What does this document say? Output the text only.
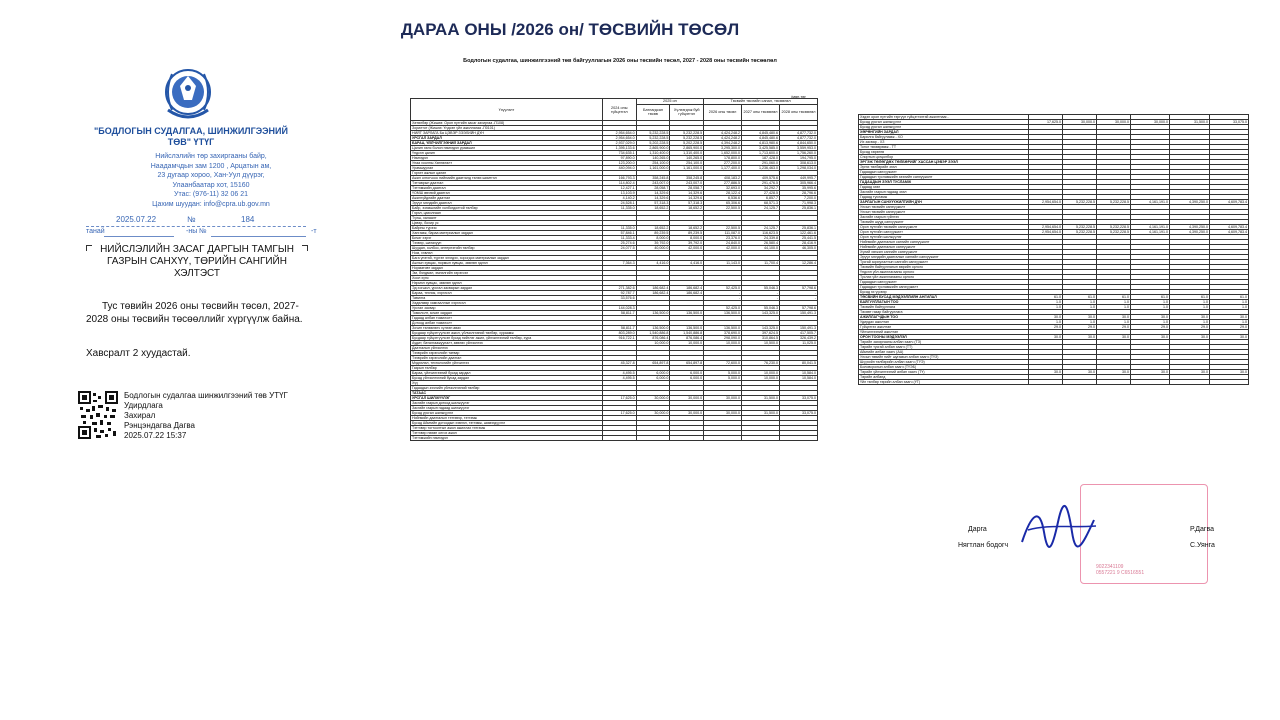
ДАРАА ОНЫ /2026 он/ ТӨСВИЙН ТӨСӨЛ
"БОДЛОГЫН СУДАЛГАА, ШИНЖИЛГЭЭНИЙ ТӨВ" ҮТҮГ
Нийслэлийн төр захиргааны байр,
Наадамчдын зам 1200 , Арцатын ам,
23 дугаар хороо, Хан-Уул дүүрэг,
Улаанбаатар хот, 15160
Утас: (976-11) 32 06 21
Цахим шуудан: info@cpra.ub.gov.mn
2025.07.22	№	184
танай	-ны №	-т
НИЙСЛЭЛИЙН ЗАСАГ ДАРГЫН ТАМГЫН
ГАЗРЫН САНХҮҮ, ТӨРИЙН САНГИЙН
ХЭЛТЭСТ
Тус төвийн 2026 оны төсвийн төсөл, 2027-2028 оны төсвийн төсөөллийг хүргүүлж байна.
Хавсралт 2 хуудастай.
Бодлогын судалгаа шинжилгээний төв УТҮГ
Удирдлага
Захирал
Рэнцэндагва Дагва
2025.07.22 15:37
Бодлогын судалгаа, шинжилгээний төв байгууллагын 2026 оны төсвийн төсөл, 2027 - 2028 оны төсвийн төсөөлөл
/мян.төг
Үзүүлэлт	2024 оны гүйцэтгэл	2025 он		Төсвийн төслийн санал, төсөөлөл		
		Батлагдсан төсөв	Хүлээгдэж буй гүйцэтгэл	2026 оны төсөл	2027 оны төсөөлөл	2028 оны төсөөлөл
Хөтөлбөр (Жишээ: Орон нутгийн засаг захиргаа -П108)						
Зорилтот (Жишээ: Үндсэн үйл ажиллагаа -П0101)						
НИЙТ ЗАРЛАГА Ба ЦЭВЭР ЗЭЭЛИЙН ДҮН	2,954,654.0	5,232,228.5	5,232,228.5	4,424,248.2	4,845,480.6	4,877,732.0
УРСГАЛ ЗАРДАЛ	2,954,654.0	5,232,228.5	5,232,228.5	4,424,248.2	4,845,480.6	4,877,732.0
БАРАА, ҮЙЛЧИЛГЭЭНИЙ ЗАРДАЛ	2,937,029.0	5,202,228.5	5,202,228.5	4,394,248.2	4,813,980.6	4,844,650.0
Цалин хөлс болон нэмэгдэл урамшил	1,395,133.6	2,865,900.0	2,865,900.0	3,295,300.0	3,425,585.0	3,559,953.0
Үндсэн цалин	734,635.1	1,310,400.0	1,310,400.0	1,652,000.0	1,713,600.0	1,756,260.0
Нэмэгдэл	97,890.0	140,265.0	140,265.0	178,800.0	187,428.0	194,795.0
Унаа хоолны Хөнгөлөлт	123,200.0	254,100.0	254,100.0	277,200.0	291,060.0	308,613.0
Урамшуулал	440,094.0	1,161,000.0	1,161,000.0	1,177,400.0	1,236,463.0	1,298,034.0
Гэрээт ажлын цалин						
Ажил олгогчоос нийгмийн даатгалд төлөх шимтгэл	166,793.3	358,245.8	358,245.8	408,183.2	409,575.6	449,995.7
Тэтгаврын даатгал	114,802.4	243,007.0	243,007.0	277,886.5	291,476.5	305,966.4
Тэтгэмжийн даатгал	12,427.1	28,058.7	28,058.7	32,693.0	34,292.7	35,995.6
ҮОМШ өвчний даатгал	13,103.9	14,329.6	14,329.6	28,122.4	27,428.5	28,796.6
Ажилгүйдлийн даатгал	4,140.2	14,329.6	14,329.6	6,536.6	6,857.7	7,200.0
Эрүүл мэндийн даатгал	24,528.1	57,318.3	57,318.3	65,306.6	68,571.3	71,998.3
Байр, эзэмшлийн холбогдолтой төлбөр	11,335.0	18,652.2	18,652.2	22,500.5	24,125.7	25,836.1
Гэрэл, цахилгаан						
Түлш, халаалт						
Цэвэр, бохир ус						
Байрны түрээс	11,335.0	18,652.2	18,652.2	22,500.5	24,125.7	25,836.1
Хангамж, бараа материалын зардал	57,846.1	89,239.5	89,239.5	111,087.0	116,623.5	122,461.6
Бичиг хэрэг	11,333.4	8,000.0	8,000.0	23,376.0	24,339.8	25,441.5
Тээвэр, шатахуун	25,274.6	39,792.0	39,792.0	24,840.0	26,580.4	28,416.9
Шуудан, холбоо, интернэтийн төлбөр	24,077.5	40,000.0	42,000.0	42,000.0	44,100.0	46,305.0
Ном, хэвлэл						
Бага үнэтэй, түргэн элэгдэх, хорогдох материалын зардал						
Ажлын хувцас, нормын хувцас, зөөлөн эдлэл	7,364.3	4,416.0	4,416.0	11,143.0	11,700.4	12,286.4
Нормативт зардал						
Эм, бэлдмэл, эмнэлгийн хэрэгсэл						
Хоол хүнс						
Нэрмэл хувцас, зөөлөн эдлэл						
Эд хогшил, урсгал засварын зардал	271,382.6	186,682.4	186,682.4	52,425.0	55,046.3	57,798.6
Бараа, техник, хэрэгсэл	92,787.7	186,682.4	186,682.4	-	-	-
Тавилга	33,576.6			-	-	-
Хөдөлмөр хамгааллын хэрэгсэл						
Урсгал засвар	144,028.3			52,425.0	55,046.3	57,798.6
Томилолт, зочин зардал	58,811.7	136,500.0	136,500.0	136,500.0	143,325.0	150,491.3
Гадаад албан томилолт						
Дотоод албан томилолт						
Зочин төлөөлөгч хүлээн авах	58,811.7	136,500.0	136,500.0	136,500.0	143,325.0	150,491.3
Бусдаар гүйцэтгүүлсэн ажил, үйлчилгээний төлбөр, хураамж	803,289.0	1,540,886.8	1,540,886.8	378,690.0	397,624.5	417,505.7
Бусдаар гүйцэтгүүлсэн бусад нийтлэг ажил, үйлчилгээний төлбөр, хура	916,722.1	876,086.4	876,086.4	298,090.0	310,864.5	326,439.2
Аудит, баталгаажуулалт, зөвлөх үйлчилгээ		10,000.0	10,000.0	10,000.0	10,500.0	11,025.0
Даатгалын үйлчилгээ						
Тээврийн хэрэгслийн татвар						
Тээврийн хэрэгслийн даатгал						
Мэдээлэл, технологийн үйлчилгээ	45,327.8	654,897.8	654,897.8	72,600.0	76,230.0	80,041.5
Газрын төлбөр						
Бараа, үйлчилгээний бусад зардал	4,495.5	6,000.0	6,000.0	5,000.0	10,000.0	10,584.0
Бусад үйлчилгээний бусад зардал	4,495.5	6,000.0	6,000.0	5,000.0	10,000.0	10,584.0
Хүү						
Гадаадын зээлийн үйлчилгээний төлбөр						
ТАТААС						
УРСГАЛ ШИЛЖҮҮЛЭГ	17,625.0	30,000.0	30,000.0	30,000.0	31,500.0	33,075.0
Засгийн газрын дотоод шилжүүлэг						
Засгийн газрын гадаад шилжүүлэг						
Бусад урсгал шилжүүлэг	17,625.0	30,000.0	30,000.0	30,000.0	31,500.0	33,075.0
Нийгмийн даатгалын тэтгэвэр, тэтгэмж						
Бусад Аймгийн дотоодын хэвлэл, тэтгэмж, шимэгдүүлэг						
Тэтгэвэр тогтоолтын ажил ажиллах тэтгэмж						
Тэтгэвэр нөхөн олгох ажил						
Тэтгэмжийн нэмэгдэл						
Хэдэн орон нутгийн тэргүүн гүйцэтгэлтэй ажилтнааг...						
Бусад урсгал шилжүүлэг	17,625.0	30,000.0	30,000.0	30,000.0	31,500.0	33,075.0
Бусад урсгал шилжүүлэг						
ХӨРӨНГИЙН ЗАРДАЛ						
Барилга байгууламж - ХО						
Их засвар - ХЗ						
Тоног төхөөрөмж - ТТ						
Бусад хөрөнгө						
Спортын цогцолбор						
ЭРГЭЖ ТӨЛӨГДӨХ ТӨЛБӨРИЙГ ХАССАН ЦЭВЭР ЗЭЭЛ						
Эргэх төлбөрийн зээл						
Гадаадын санхүүжилт						
Гадаадын тусламжийн зээлийн санхүүжилт						
ГАДААДЫН ЗЭЭЛ ТУСЛАМЖ						
Гадаад зээл						
Засгийн газрын гадаад зээл						
Гадаад тусламж						
ЗАРЛАГЫН САНХҮҮЖИЛТИЙН ДҮН	2,954,654.0	5,232,228.5	5,232,228.5	4,161,191.0	4,390,250.0	4,609,783.4
Улсын төсвийн санхүүжилт						
Улсын төсвийн санхүүжилт						
Засгийн газрын гүйлгээ						
Төсвийн шууд санхүүжилт						
Орон нутгийн төсвийн санхүүжилт	2,954,654.0	5,232,228.5	5,232,228.5	4,161,191.0	4,390,250.0	4,609,783.4
Орон нутгийн санхүүжилт	2,954,654.0	5,232,228.5	5,232,228.5	4,161,191.0	4,390,250.0	4,609,783.4
Орон нутгийн шилжүүлэг						
Нийгмийн даатгалын сангийн санхүүжилт						
Нийгмийн даатгалын санхүүжилт						
Хүний хөгжил сангийн санхүүжилт						
Эрүүл мэндийн даатгалын сангийн санхүүжилт						
Тусгай зориулалтын сангийн санхүүжилт						
Төсвийн байгууллагын өөрийн орлого						
Үндсэн үйл ажиллагааны орлого						
Туслах үйл ажиллагааны орлого						
Гадаадын санхүүжилт						
Гадаадын тусламжийн санхүүжилт						
Бусад эх үүсвэр						
ТӨСВИЙН БУСАД МЭДЭЭЛЛИЙН АНГИЛАЛ	61.0	61.0	61.0	61.0	61.0	61.0
БАЙГУУЛЛАГЫН ТОО	1.0	1.0	1.0	1.0	1.0	1.0
Төсвийн байгууллага	1.0	1.0	1.0	1.0	1.0	1.0
Төсөвт газар байгууллага						
АЖИЛЛАГЧДЫН ТОО	30.0	30.0	30.0	30.0	30.0	30.0
Удирдах ажилтан	1.0	1.0	1.0	1.0	1.0	1.0
Гүйцэтгэх ажилтан	29.0	29.0	29.0	29.0	29.0	29.0
Үйлчилгээний ажилтан						
ОРОН ТООНЫ МЭДЭЭЛЭЛ	30.0	30.0	30.0	30.0	30.0	30.0
Төрийн захиргааны албан хаагч (ТЗ)						
Төрийн тусгай албан хаагч (ТТ)						
Аймгийн албан хаагч (АА)						
Улсын төвийн нийт шугамын албан хаагч (ТҮЗ)						
Шүүхийн төлбөрийн албан хаагч (ТҮЭ)						
Боловсролын албан хаагч (ТҮЭБ)						
Төрийн үйлчилгээний албан хаагч (ТҮ)	30.0	30.0	30.0	30.0	30.0	30.0
Төрийн албанд						
Үйл төлбөр төрийн албан хаагч (ҮТ)						
9022341109
0557221 9 C6516551
Дарга	Р.Дагва
Нягтлан бодогч	С.Уянга
